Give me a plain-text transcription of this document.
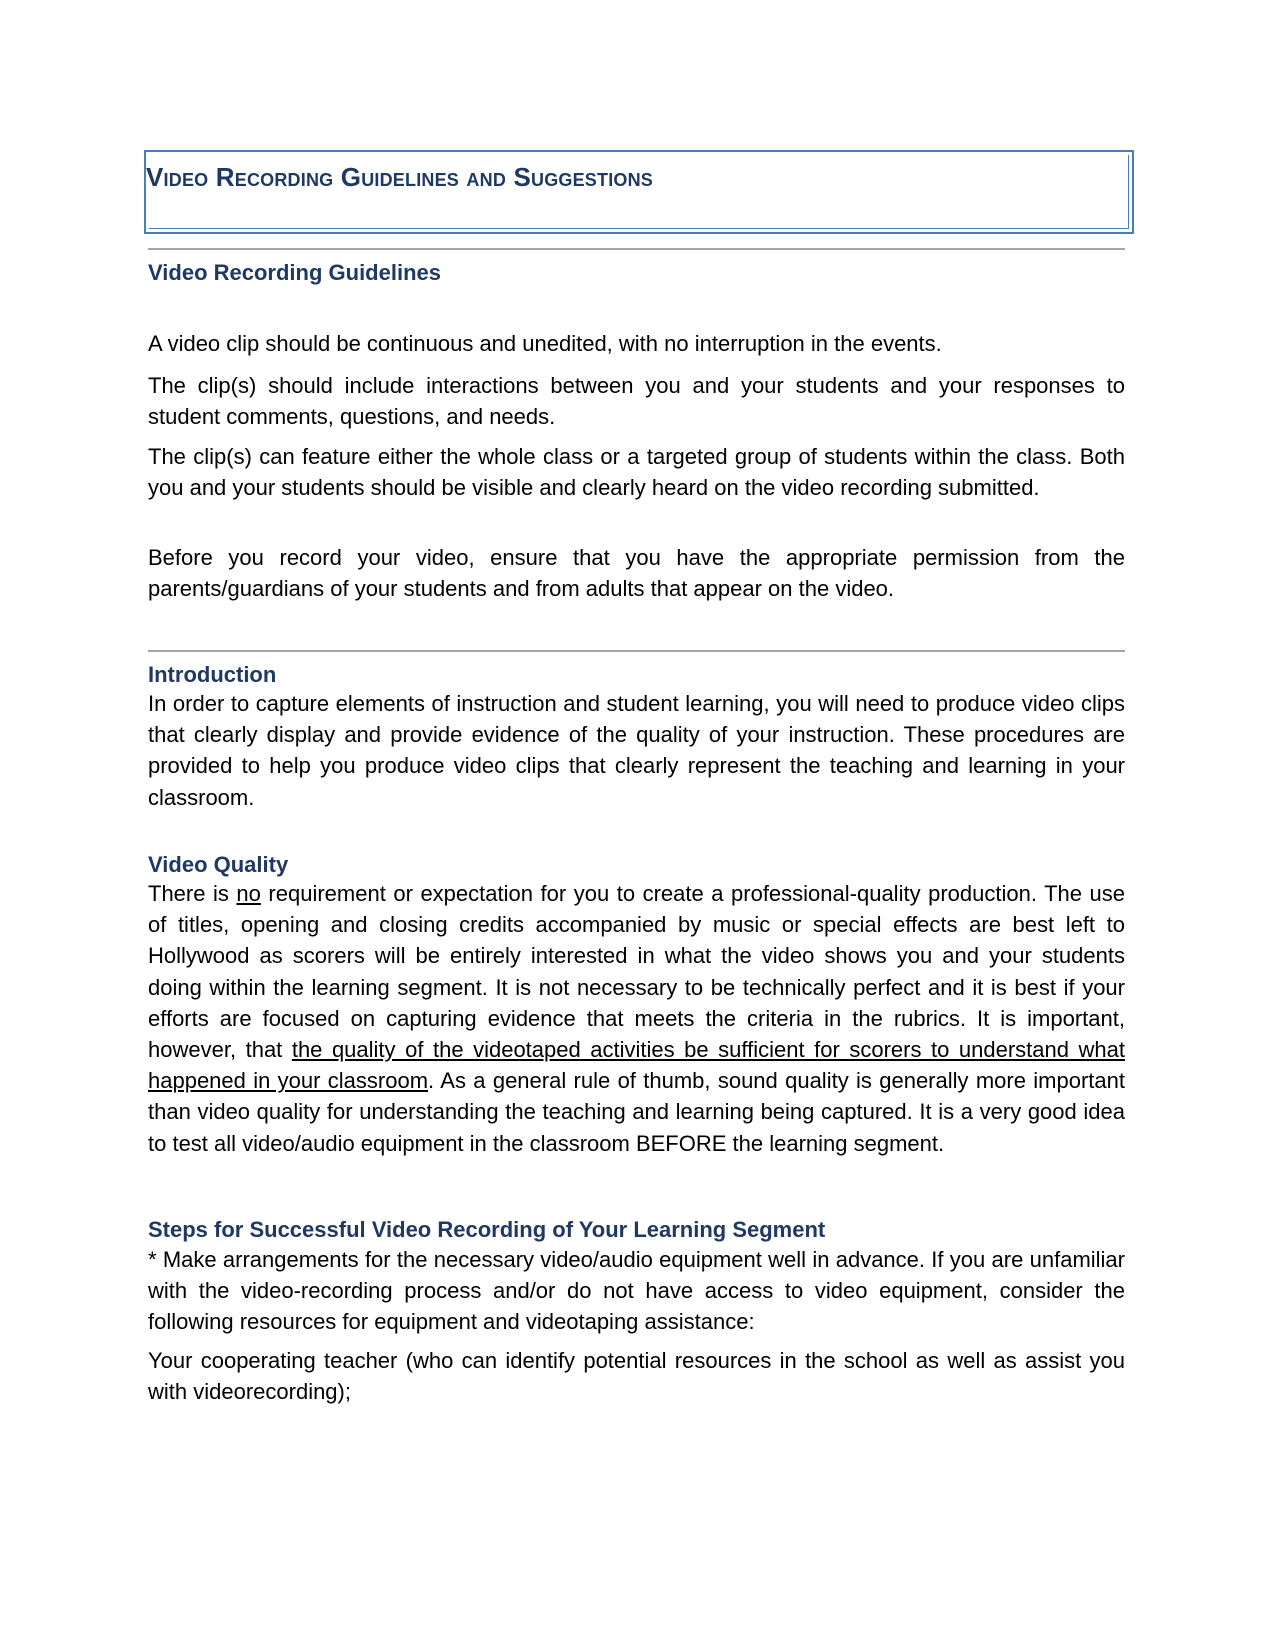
Video Recording Guidelines and Suggestions
Video Recording Guidelines

A video clip should be continuous and unedited, with no interruption in the events.

The clip(s) should include interactions between you and your students and your responses to student comments, questions, and needs.

The clip(s) can feature either the whole class or a targeted group of students within the class. Both you and your students should be visible and clearly heard on the video recording submitted.

Before you record your video, ensure that you have the appropriate permission from the parents/guardians of your students and from adults that appear on the video.

Introduction

In order to capture elements of instruction and student learning, you will need to produce video clips that clearly display and provide evidence of the quality of your instruction. These procedures are provided to help you produce video clips that clearly represent the teaching and learning in your classroom.

Video Quality

There is no requirement or expectation for you to create a professional-quality production. The use of titles, opening and closing credits accompanied by music or special effects are best left to Hollywood as scorers will be entirely interested in what the video shows you and your students doing within the learning segment. It is not necessary to be technically perfect and it is best if your efforts are focused on capturing evidence that meets the criteria in the rubrics. It is important, however, that the quality of the videotaped activities be sufficient for scorers to understand what happened in your classroom. As a general rule of thumb, sound quality is generally more important than video quality for understanding the teaching and learning being captured. It is a very good idea to test all video/audio equipment in the classroom BEFORE the learning segment.

Steps for Successful Video Recording of Your Learning Segment

* Make arrangements for the necessary video/audio equipment well in advance. If you are unfamiliar with the video-recording process and/or do not have access to video equipment, consider the following resources for equipment and videotaping assistance:

Your cooperating teacher (who can identify potential resources in the school as well as assist you with videorecording);
